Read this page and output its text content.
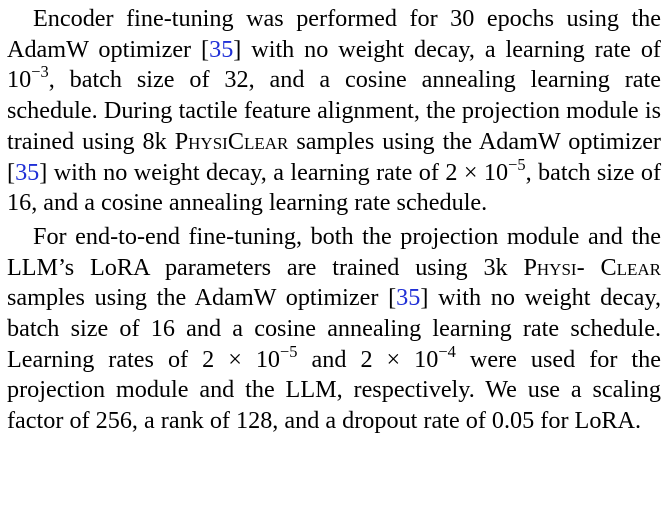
Encoder fine-tuning was performed for 30 epochs using the AdamW optimizer [35] with no weight decay, a learning rate of $10^{-3}$, batch size of 32, and a cosine annealing learning rate schedule. During tactile feature alignment, the projection module is trained using 8k PhysiClear samples using the AdamW optimizer [35] with no weight decay, a learning rate of $2 \times 10^{-5}$, batch size of 16, and a cosine annealing learning rate schedule.

For end-to-end fine-tuning, both the projection module and the LLM’s LoRA parameters are trained using 3k Physi- Clear samples using the AdamW optimizer [35] with no weight decay, batch size of 16 and a cosine annealing learning rate schedule. Learning rates of $2 \times 10^{-5}$ and $2 \times 10^{-4}$ were used for the projection module and the LLM, respectively. We use a scaling factor of 256, a rank of 128, and a dropout rate of 0.05 for LoRA.
